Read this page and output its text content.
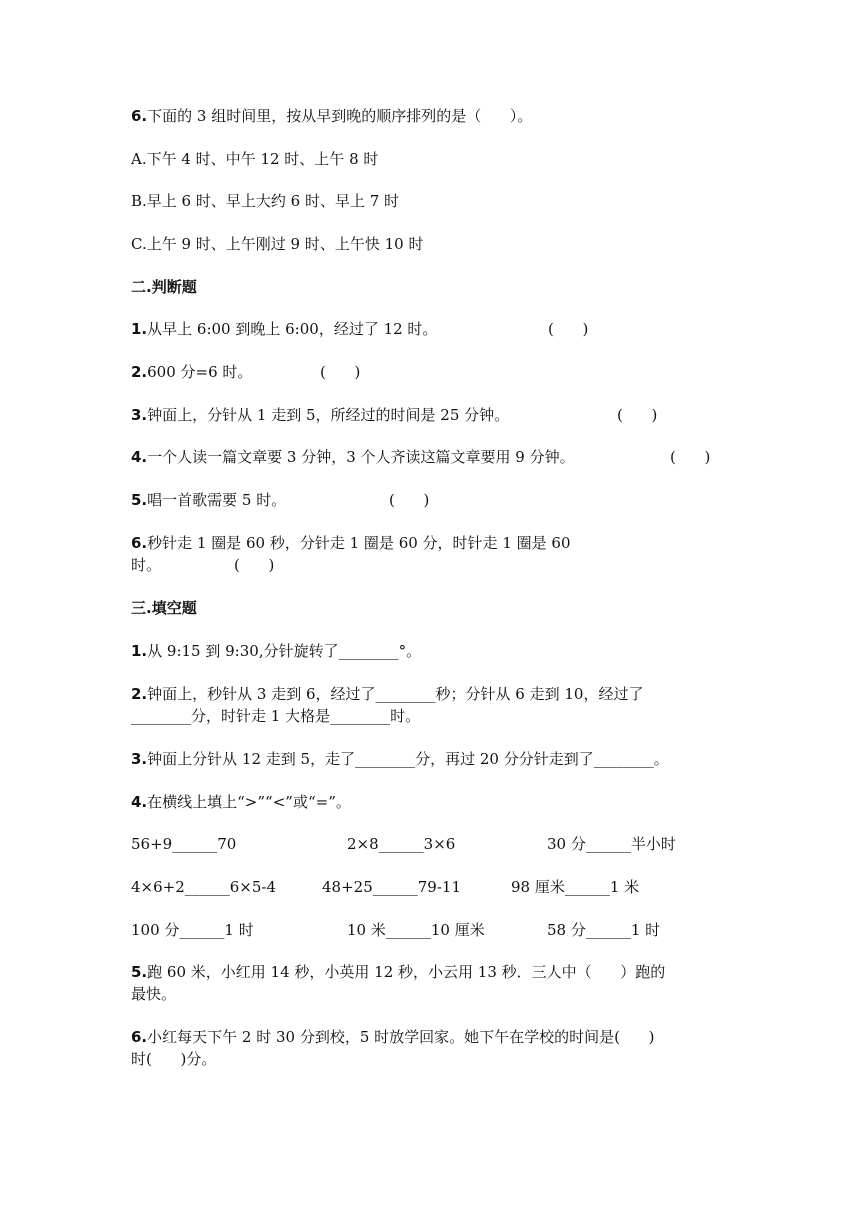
6.下面的 3 组时间里，按从早到晚的顺序排列的是（      ）。
A.下午 4 时、中午 12 时、上午 8 时
B.早上 6 时、早上大约 6 时、早上 7 时
C.上午 9 时、上午刚过 9 时、上午快 10 时
二.判断题
1.从早上 6:00 到晚上 6:00，经过了 12 时。	(      )
2.600 分=6 时。	(      )
3.钟面上，分针从 1 走到 5，所经过的时间是 25 分钟。	(      )
4.一个人读一篇文章要 3 分钟，3 个人齐读这篇文章要用 9 分钟。	(      )
5.唱一首歌需要 5 时。	(      )
6.秒针走 1 圈是 60 秒，分针走 1 圈是 60 分，时针走 1 圈是 60
时。	(      )
三.填空题
1.从 9:15 到 9:30,分针旋转了________°。
2.钟面上，秒针从 3 走到 6，经过了________秒；分针从 6 走到 10，经过了
________分，时针走 1 大格是________时。
3.钟面上分针从 12 走到 5，走了________分，再过 20 分分针走到了________。
4.在横线上填上“>”“<”或“=”。
56+9______70	2×8______3×6	30 分______半小时
4×6+2______6×5-4	48+25______79-11	98 厘米______1 米
100 分______1 时	10 米______10 厘米	58 分______1 时
5.跑 60 米，小红用 14 秒，小英用 12 秒，小云用 13 秒．三人中（      ）跑的
最快。
6.小红每天下午 2 时 30 分到校，5 时放学回家。她下午在学校的时间是(      )
时(      )分。
